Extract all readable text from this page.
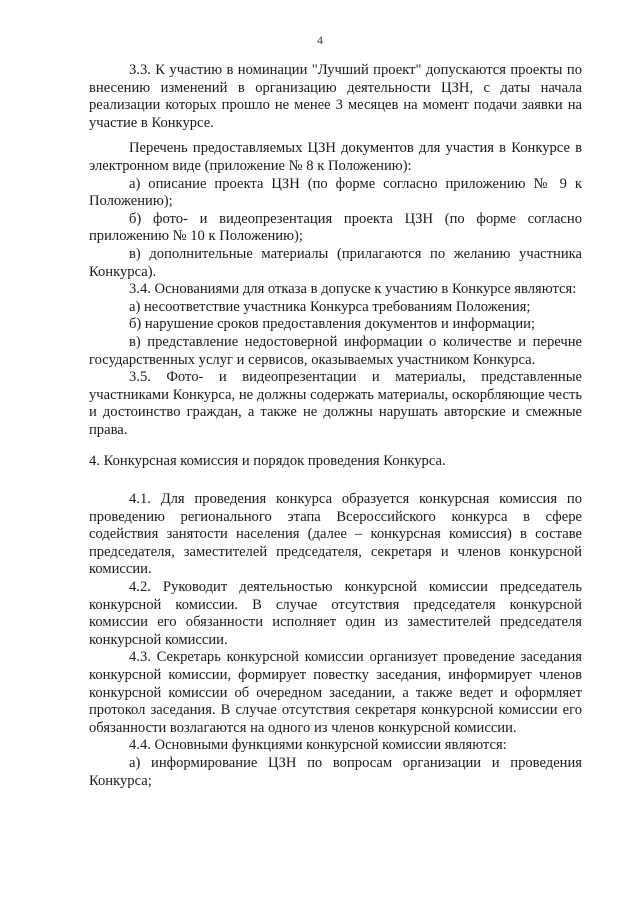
4

3.3. К участию в номинации "Лучший проект" допускаются проекты по внесению изменений в организацию деятельности ЦЗН, с даты начала реализации которых прошло не менее 3 месяцев на момент подачи заявки на участие в Конкурсе.

Перечень предоставляемых ЦЗН документов для участия в Конкурсе в электронном виде (приложение № 8 к Положению):

а) описание проекта ЦЗН (по форме согласно приложению № 9 к Положению);

б) фото- и видеопрезентация проекта ЦЗН (по форме согласно приложению № 10 к Положению);

в) дополнительные материалы (прилагаются по желанию участника Конкурса).

3.4. Основаниями для отказа в допуске к участию в Конкурсе являются:

а) несоответствие участника Конкурса требованиям Положения;

б) нарушение сроков предоставления документов и информации;

в) представление недостоверной информации о количестве и перечне государственных услуг и сервисов, оказываемых участником Конкурса.

3.5. Фото- и видеопрезентации и материалы, представленные участниками Конкурса, не должны содержать материалы, оскорбляющие честь и достоинство граждан, а также не должны нарушать авторские и смежные права.

4. Конкурсная комиссия и порядок проведения Конкурса.

4.1. Для проведения конкурса образуется конкурсная комиссия по проведению регионального этапа Всероссийского конкурса в сфере содействия занятости населения (далее – конкурсная комиссия) в составе председателя, заместителей председателя, секретаря и членов конкурсной комиссии.

4.2. Руководит деятельностью конкурсной комиссии председатель конкурсной комиссии. В случае отсутствия председателя конкурсной комиссии его обязанности исполняет один из заместителей председателя конкурсной комиссии.

4.3. Секретарь конкурсной комиссии организует проведение заседания конкурсной комиссии, формирует повестку заседания, информирует членов конкурсной комиссии об очередном заседании, а также ведет и оформляет протокол заседания. В случае отсутствия секретаря конкурсной комиссии его обязанности возлагаются на одного из членов конкурсной комиссии.

4.4. Основными функциями конкурсной комиссии являются:

а) информирование ЦЗН по вопросам организации и проведения Конкурса;
